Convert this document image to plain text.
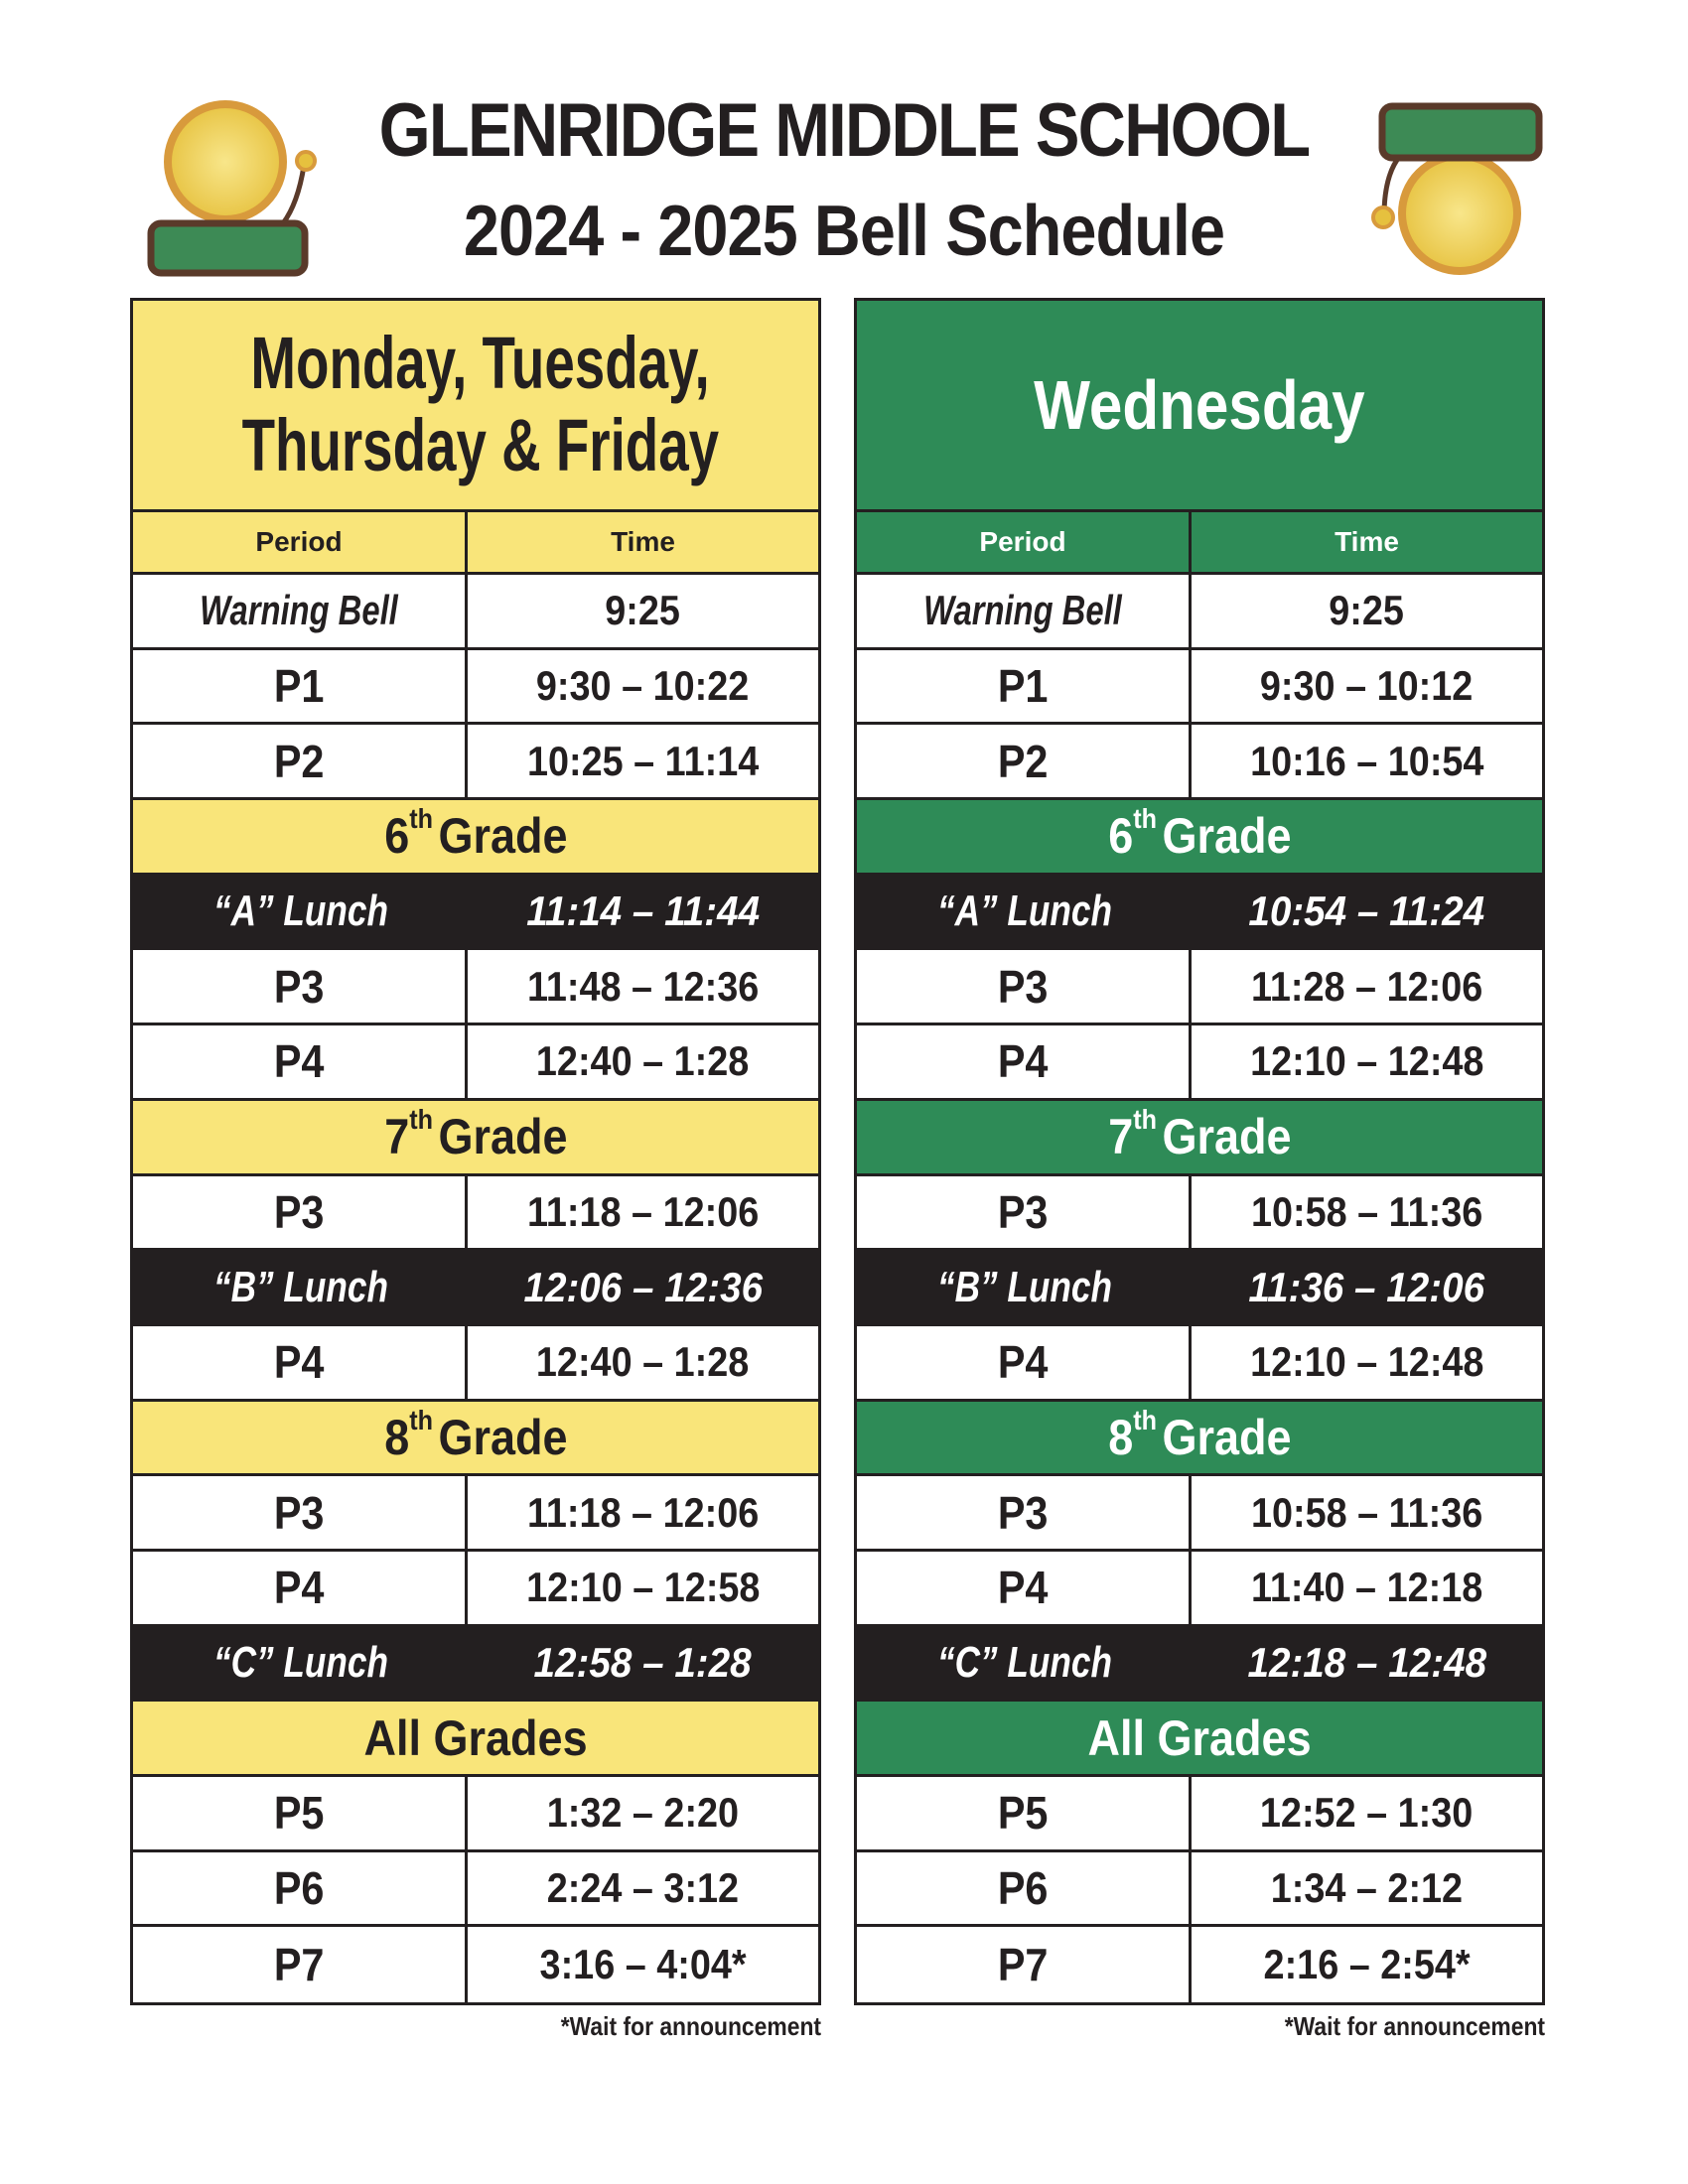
GLENRIDGE MIDDLE SCHOOL
2024 - 2025 Bell Schedule
Monday, Tuesday,
Thursday & Friday
Period	Time
Warning Bell	9:25
P1	9:30 – 10:22
P2	10:25 – 11:14
6th Grade
“A” Lunch	11:14 – 11:44
P3	11:48 – 12:36
P4	12:40 – 1:28
7th Grade
P3	11:18 – 12:06
“B” Lunch	12:06 – 12:36
P4	12:40 – 1:28
8th Grade
P3	11:18 – 12:06
P4	12:10 – 12:58
“C” Lunch	12:58 – 1:28
All Grades
P5	1:32 – 2:20
P6	2:24 – 3:12
P7	3:16 – 4:04*
Wednesday
Period	Time
Warning Bell	9:25
P1	9:30 – 10:12
P2	10:16 – 10:54
6th Grade
“A” Lunch	10:54 – 11:24
P3	11:28 – 12:06
P4	12:10 – 12:48
7th Grade
P3	10:58 – 11:36
“B” Lunch	11:36 – 12:06
P4	12:10 – 12:48
8th Grade
P3	10:58 – 11:36
P4	11:40 – 12:18
“C” Lunch	12:18 – 12:48
All Grades
P5	12:52 – 1:30
P6	1:34 – 2:12
P7	2:16 – 2:54*
*Wait for announcement	*Wait for announcement
